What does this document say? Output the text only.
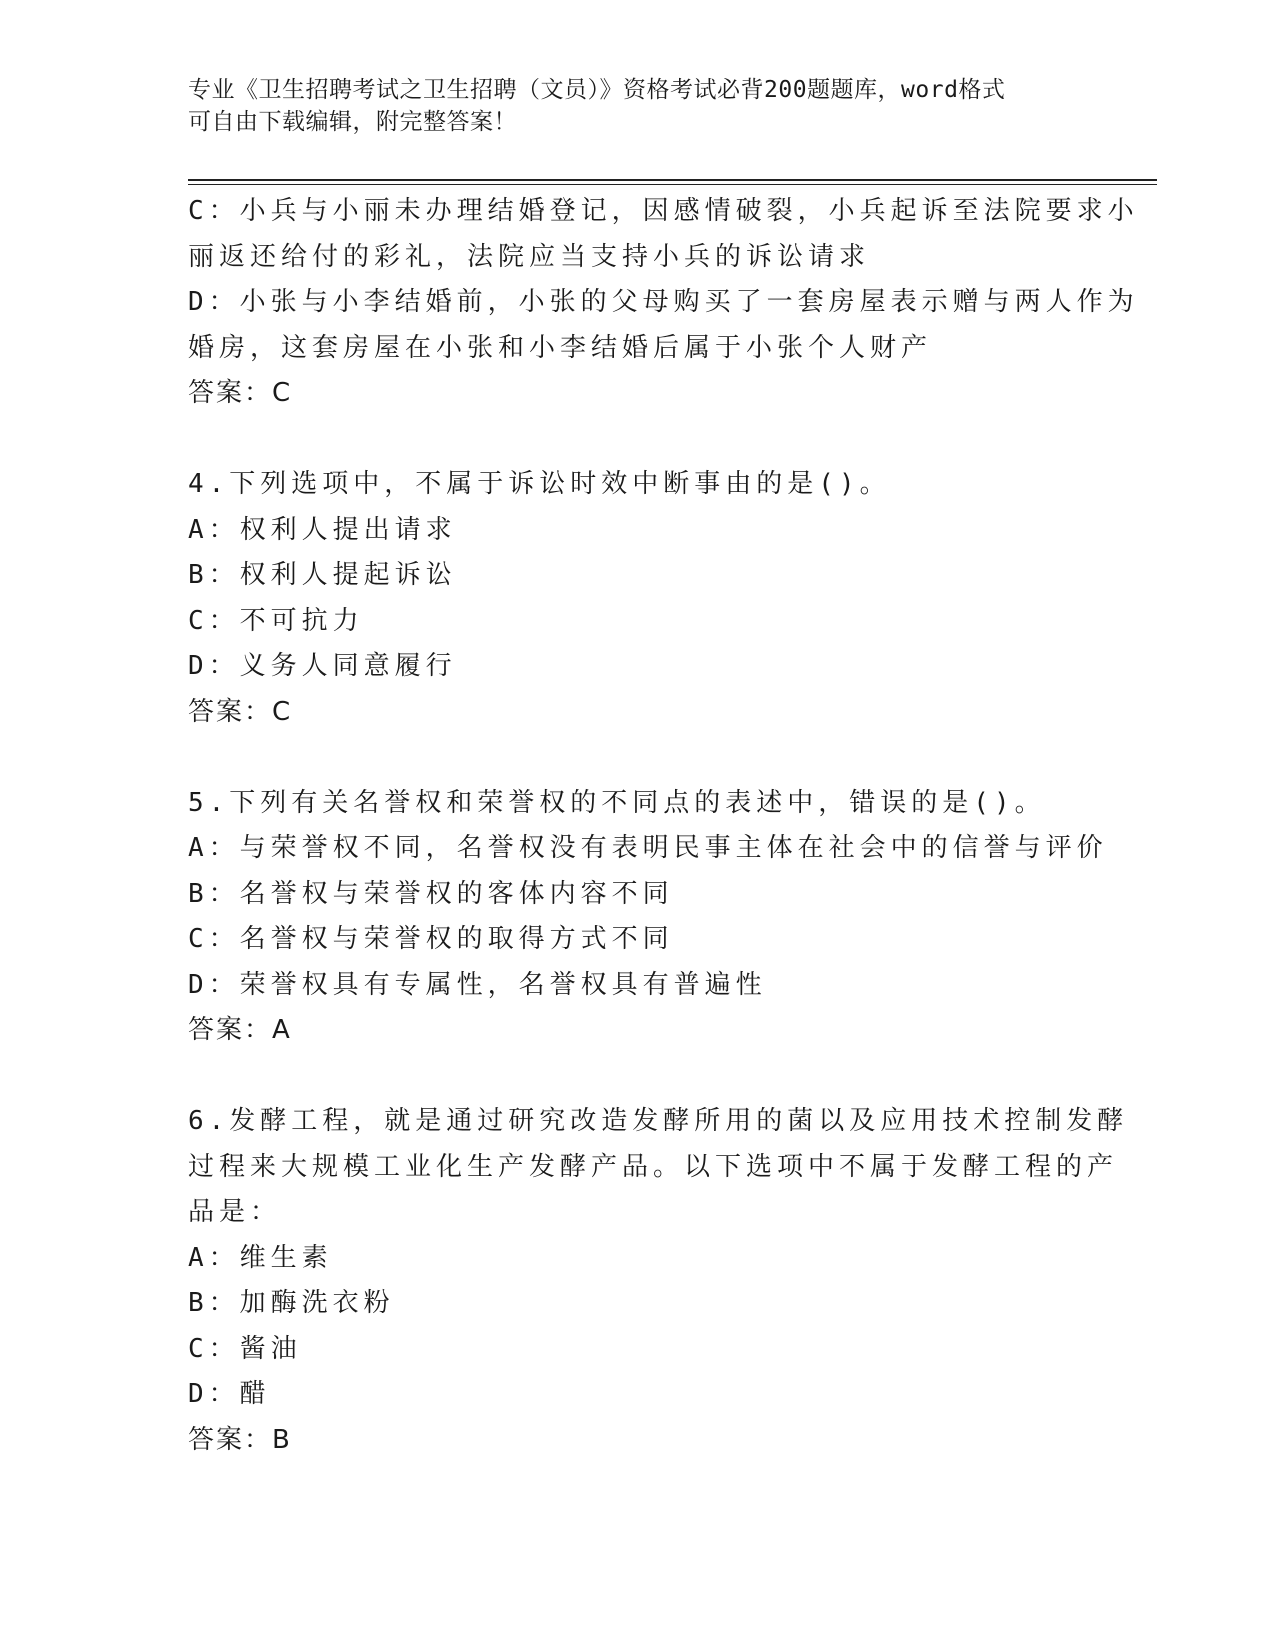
专业《卫生招聘考试之卫生招聘（文员）》资格考试必背200题题库，word格式
可自由下载编辑，附完整答案！
C：小兵与小丽未办理结婚登记，因感情破裂，小兵起诉至法院要求小
丽返还给付的彩礼，法院应当支持小兵的诉讼请求
D：小张与小李结婚前，小张的父母购买了一套房屋表示赠与两人作为
婚房，这套房屋在小张和小李结婚后属于小张个人财产
答案：C
4.下列选项中，不属于诉讼时效中断事由的是()。
A：权利人提出请求
B：权利人提起诉讼
C：不可抗力
D：义务人同意履行
答案：C
5.下列有关名誉权和荣誉权的不同点的表述中，错误的是()。
A：与荣誉权不同，名誉权没有表明民事主体在社会中的信誉与评价
B：名誉权与荣誉权的客体内容不同
C：名誉权与荣誉权的取得方式不同
D：荣誉权具有专属性，名誉权具有普遍性
答案：A
6.发酵工程，就是通过研究改造发酵所用的菌以及应用技术控制发酵
过程来大规模工业化生产发酵产品。以下选项中不属于发酵工程的产
品是：
A：维生素
B：加酶洗衣粉
C：酱油
D：醋
答案：B
